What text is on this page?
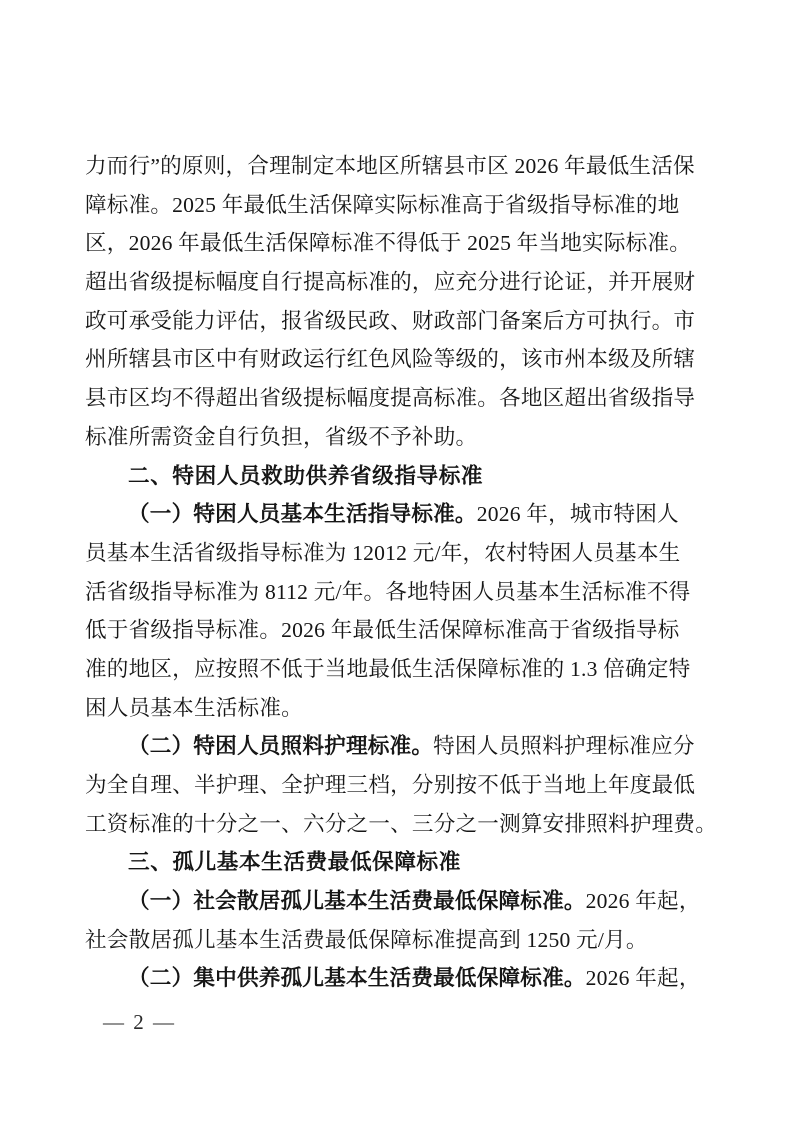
力而行”的原则，合理制定本地区所辖县市区 2026 年最低生活保
障标准。2025 年最低生活保障实际标准高于省级指导标准的地
区，2026 年最低生活保障标准不得低于 2025 年当地实际标准。
超出省级提标幅度自行提高标准的，应充分进行论证，并开展财
政可承受能力评估，报省级民政、财政部门备案后方可执行。市
州所辖县市区中有财政运行红色风险等级的，该市州本级及所辖
县市区均不得超出省级提标幅度提高标准。各地区超出省级指导
标准所需资金自行负担，省级不予补助。
二、特困人员救助供养省级指导标准
（一）特困人员基本生活指导标准。2026 年，城市特困人
员基本生活省级指导标准为 12012 元/年，农村特困人员基本生
活省级指导标准为 8112 元/年。各地特困人员基本生活标准不得
低于省级指导标准。2026 年最低生活保障标准高于省级指导标
准的地区，应按照不低于当地最低生活保障标准的 1.3 倍确定特
困人员基本生活标准。
（二）特困人员照料护理标准。特困人员照料护理标准应分
为全自理、半护理、全护理三档，分别按不低于当地上年度最低
工资标准的十分之一、六分之一、三分之一测算安排照料护理费。
三、孤儿基本生活费最低保障标准
（一）社会散居孤儿基本生活费最低保障标准。2026 年起，
社会散居孤儿基本生活费最低保障标准提高到 1250 元/月。
（二）集中供养孤儿基本生活费最低保障标准。2026 年起，
— 2 —
